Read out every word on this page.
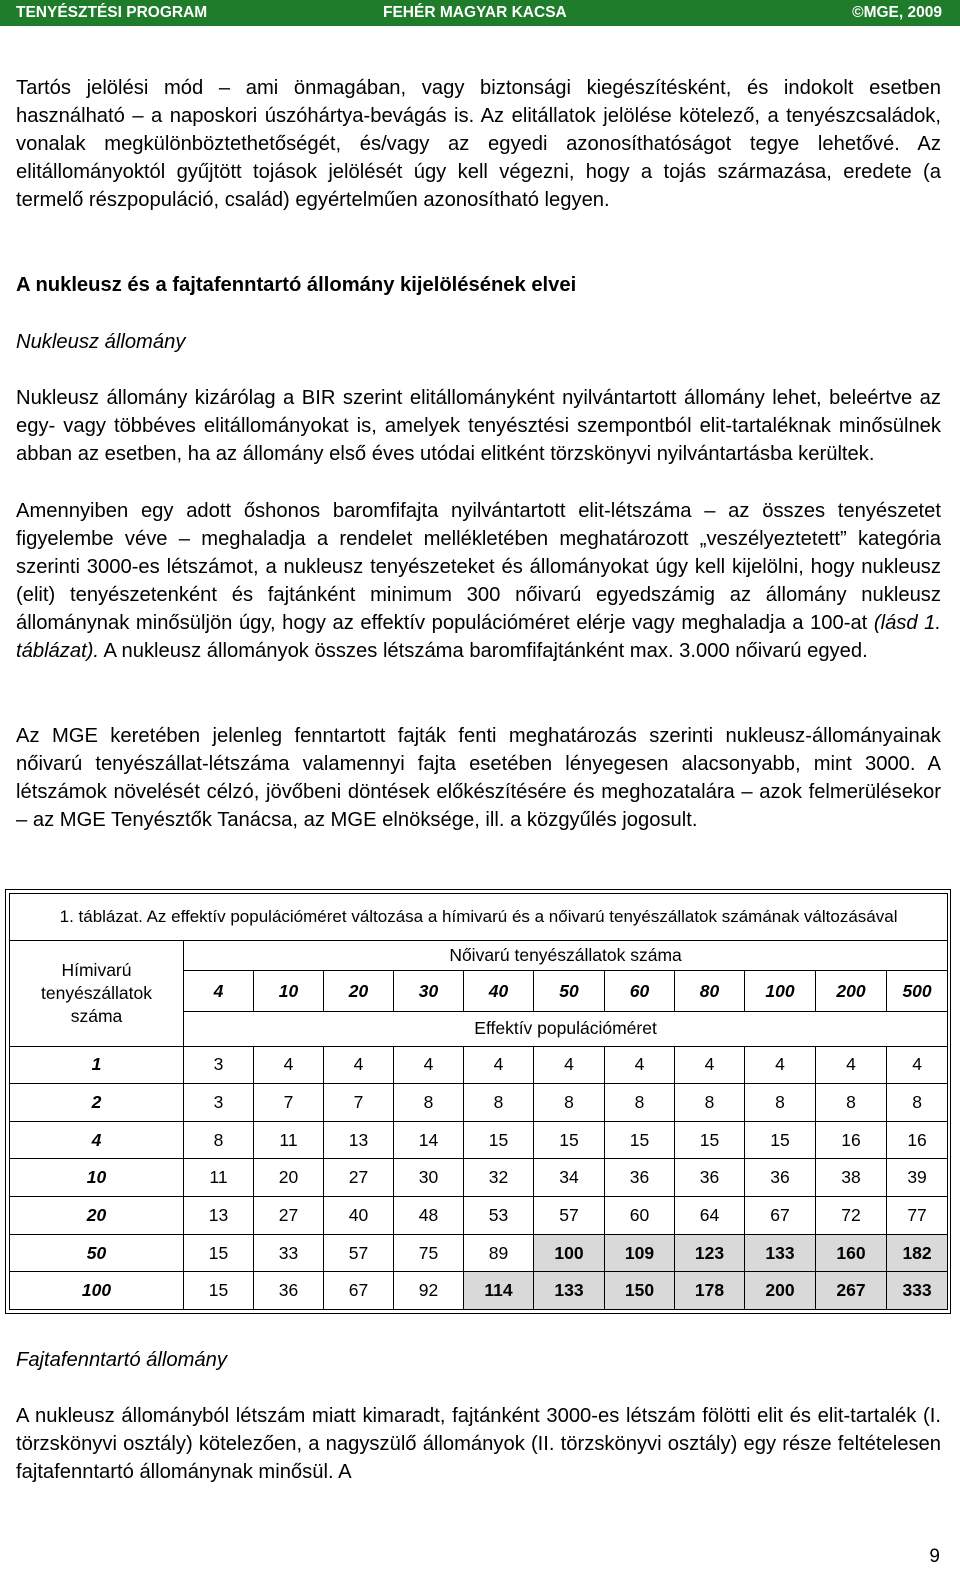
TENYÉSZTÉSI PROGRAM	FEHÉR MAGYAR KACSA	©MGE, 2009

Tartós jelölési mód – ami önmagában, vagy biztonsági kiegészítésként, és indokolt esetben használható – a naposkori úszóhártya-bevágás is. Az elitállatok jelölése kötelező, a tenyészcsaládok, vonalak megkülönböztethetőségét, és/vagy az egyedi azonosíthatóságot tegye lehetővé. Az elitállományoktól gyűjtött tojások jelölését úgy kell végezni, hogy a tojás származása, eredete (a termelő részpopuláció, család) egyértelműen azonosítható legyen.

A nukleusz és a fajtafenntartó állomány kijelölésének elvei

Nukleusz állomány

Nukleusz állomány kizárólag a BIR szerint elitállományként nyilvántartott állomány lehet, beleértve az egy- vagy többéves elitállományokat is, amelyek tenyésztési szempontból elit-tartaléknak minősülnek abban az esetben, ha az állomány első éves utódai elitként törzskönyvi nyilvántartásba kerültek.

Amennyiben egy adott őshonos baromfifajta nyilvántartott elit-létszáma – az összes tenyészetet figyelembe véve – meghaladja a rendelet mellékletében meghatározott „veszélyeztetett” kategória szerinti 3000-es létszámot, a nukleusz tenyészeteket és állományokat úgy kell kijelölni, hogy nukleusz (elit) tenyészetenként és fajtánként minimum 300 nőivarú egyedszámig az állomány nukleusz állománynak minősüljön úgy, hogy az effektív populációméret elérje vagy meghaladja a 100-at (lásd 1. táblázat). A nukleusz állományok összes létszáma baromfifajtánként max. 3.000 nőivarú egyed.

Az MGE keretében jelenleg fenntartott fajták fenti meghatározás szerinti nukleusz-állományainak nőivarú tenyészállat-létszáma valamennyi fajta esetében lényegesen alacsonyabb, mint 3000. A létszámok növelését célzó, jövőbeni döntések előkészítésére és meghozatalára – azok felmerülésekor – az MGE Tenyésztők Tanácsa, az MGE elnöksége, ill. a közgyűlés jogosult.

1. táblázat. Az effektív populációméret változása a hímivarú és a nőivarú tenyészállatok számának változásával											
Hímivarú tenyészállatok száma	Nőivarú tenyészállatok száma										
	4	10	20	30	40	50	60	80	100	200	500
	Effektív populációméret										
1	3	4	4	4	4	4	4	4	4	4	4
2	3	7	7	8	8	8	8	8	8	8	8
4	8	11	13	14	15	15	15	15	15	16	16
10	11	20	27	30	32	34	36	36	36	38	39
20	13	27	40	48	53	57	60	64	67	72	77
50	15	33	57	75	89	100	109	123	133	160	182
100	15	36	67	92	114	133	150	178	200	267	333

Fajtafenntartó állomány

A nukleusz állományból létszám miatt kimaradt, fajtánként 3000-es létszám fölötti elit és elit-tartalék (I. törzskönyvi osztály) kötelezően, a nagyszülő állományok (II. törzskönyvi osztály) egy része feltételesen fajtafenntartó állománynak minősül. A

9
